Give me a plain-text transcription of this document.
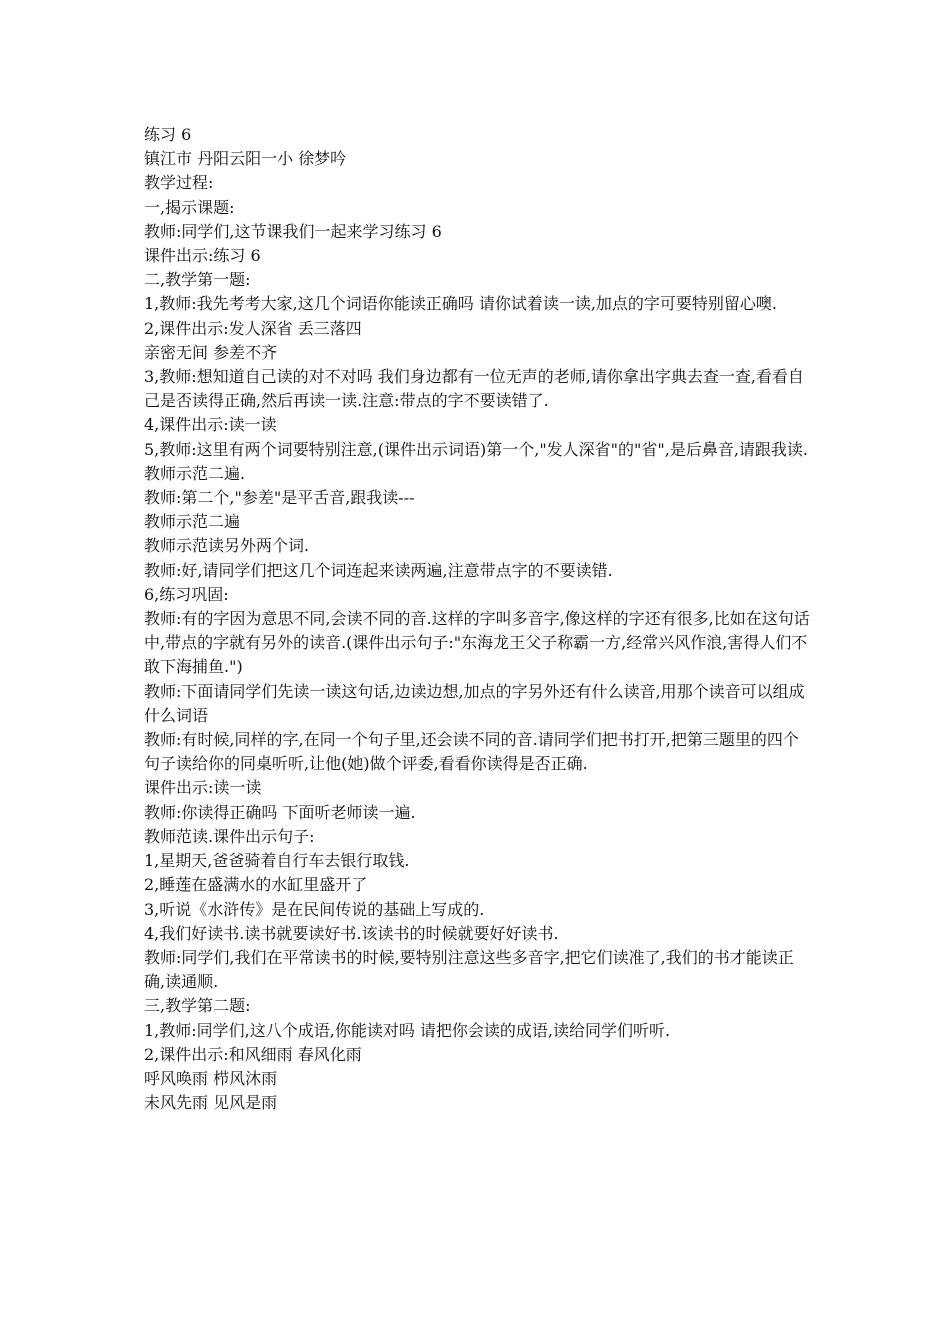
练习 6

镇江市 丹阳云阳一小 徐梦吟

教学过程:

一,揭示课题:

教师:同学们,这节课我们一起来学习练习 6

课件出示:练习 6

二,教学第一题:

1,教师:我先考考大家,这几个词语你能读正确吗 请你试着读一读,加点的字可要特别留心噢.

2,课件出示:发人深省 丢三落四

亲密无间 参差不齐

3,教师:想知道自己读的对不对吗 我们身边都有一位无声的老师,请你拿出字典去查一查,看看自己是否读得正确,然后再读一读.注意:带点的字不要读错了.

4,课件出示:读一读

5,教师:这里有两个词要特别注意,(课件出示词语)第一个,"发人深省"的"省",是后鼻音,请跟我读.

教师示范二遍.

教师:第二个,"参差"是平舌音,跟我读---

教师示范二遍

教师示范读另外两个词.

教师:好,请同学们把这几个词连起来读两遍,注意带点字的不要读错.

6,练习巩固:

教师:有的字因为意思不同,会读不同的音.这样的字叫多音字,像这样的字还有很多,比如在这句话中,带点的字就有另外的读音.(课件出示句子:"东海龙王父子称霸一方,经常兴风作浪,害得人们不敢下海捕鱼.")

教师:下面请同学们先读一读这句话,边读边想,加点的字另外还有什么读音,用那个读音可以组成什么词语

教师:有时候,同样的字,在同一个句子里,还会读不同的音.请同学们把书打开,把第三题里的四个句子读给你的同桌听听,让他(她)做个评委,看看你读得是否正确.

课件出示:读一读

教师:你读得正确吗 下面听老师读一遍.

教师范读.课件出示句子:

1,星期天,爸爸骑着自行车去银行取钱.

2,睡莲在盛满水的水缸里盛开了

3,听说《水浒传》是在民间传说的基础上写成的.

4,我们好读书.读书就要读好书.该读书的时候就要好好读书.

教师:同学们,我们在平常读书的时候,要特别注意这些多音字,把它们读准了,我们的书才能读正确,读通顺.

三,教学第二题:

1,教师:同学们,这八个成语,你能读对吗 请把你会读的成语,读给同学们听听.

2,课件出示:和风细雨 春风化雨

呼风唤雨 栉风沐雨

未风先雨 见风是雨
